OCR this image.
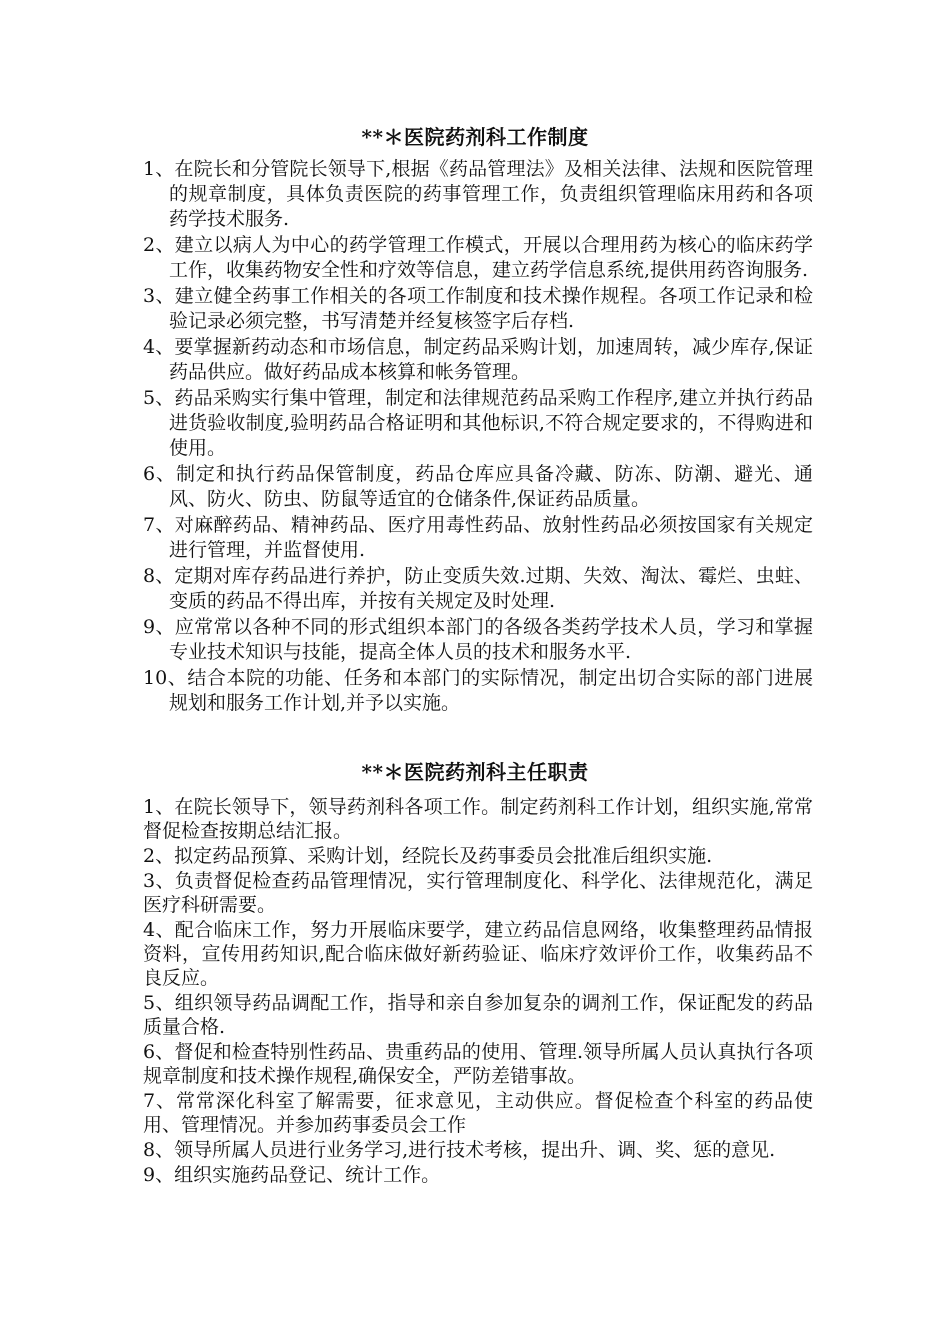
**＊医院药剂科工作制度
1、在院长和分管院长领导下,根据《药品管理法》及相关法律、法规和医院管理的规章制度，具体负责医院的药事管理工作，负责组织管理临床用药和各项药学技术服务.
2、建立以病人为中心的药学管理工作模式，开展以合理用药为核心的临床药学工作，收集药物安全性和疗效等信息，建立药学信息系统,提供用药咨询服务.
3、建立健全药事工作相关的各项工作制度和技术操作规程。各项工作记录和检验记录必须完整，书写清楚并经复核签字后存档.
4、要掌握新药动态和市场信息，制定药品采购计划，加速周转，减少库存,保证药品供应。做好药品成本核算和帐务管理。
5、药品采购实行集中管理，制定和法律规范药品采购工作程序,建立并执行药品进货验收制度,验明药品合格证明和其他标识,不符合规定要求的，不得购进和使用。
6、制定和执行药品保管制度，药品仓库应具备冷藏、防冻、防潮、避光、通风、防火、防虫、防鼠等适宜的仓储条件,保证药品质量。
7、对麻醉药品、精神药品、医疗用毒性药品、放射性药品必须按国家有关规定进行管理，并监督使用.
8、定期对库存药品进行养护，防止变质失效.过期、失效、淘汰、霉烂、虫蛀、变质的药品不得出库，并按有关规定及时处理.
9、应常常以各种不同的形式组织本部门的各级各类药学技术人员，学习和掌握专业技术知识与技能，提高全体人员的技术和服务水平.
10、结合本院的功能、任务和本部门的实际情况，制定出切合实际的部门进展规划和服务工作计划,并予以实施。
**＊医院药剂科主任职责
1、在院长领导下，领导药剂科各项工作。制定药剂科工作计划，组织实施,常常督促检查按期总结汇报。
2、拟定药品预算、采购计划，经院长及药事委员会批准后组织实施.
3、负责督促检查药品管理情况，实行管理制度化、科学化、法律规范化，满足医疗科研需要。
4、配合临床工作，努力开展临床要学，建立药品信息网络，收集整理药品情报资料，宣传用药知识,配合临床做好新药验证、临床疗效评价工作，收集药品不良反应。
5、组织领导药品调配工作，指导和亲自参加复杂的调剂工作，保证配发的药品质量合格.
6、督促和检查特别性药品、贵重药品的使用、管理.领导所属人员认真执行各项规章制度和技术操作规程,确保安全，严防差错事故。
7、常常深化科室了解需要，征求意见，主动供应。督促检查个科室的药品使用、管理情况。并参加药事委员会工作
8、领导所属人员进行业务学习,进行技术考核，提出升、调、奖、惩的意见.
9、组织实施药品登记、统计工作。
